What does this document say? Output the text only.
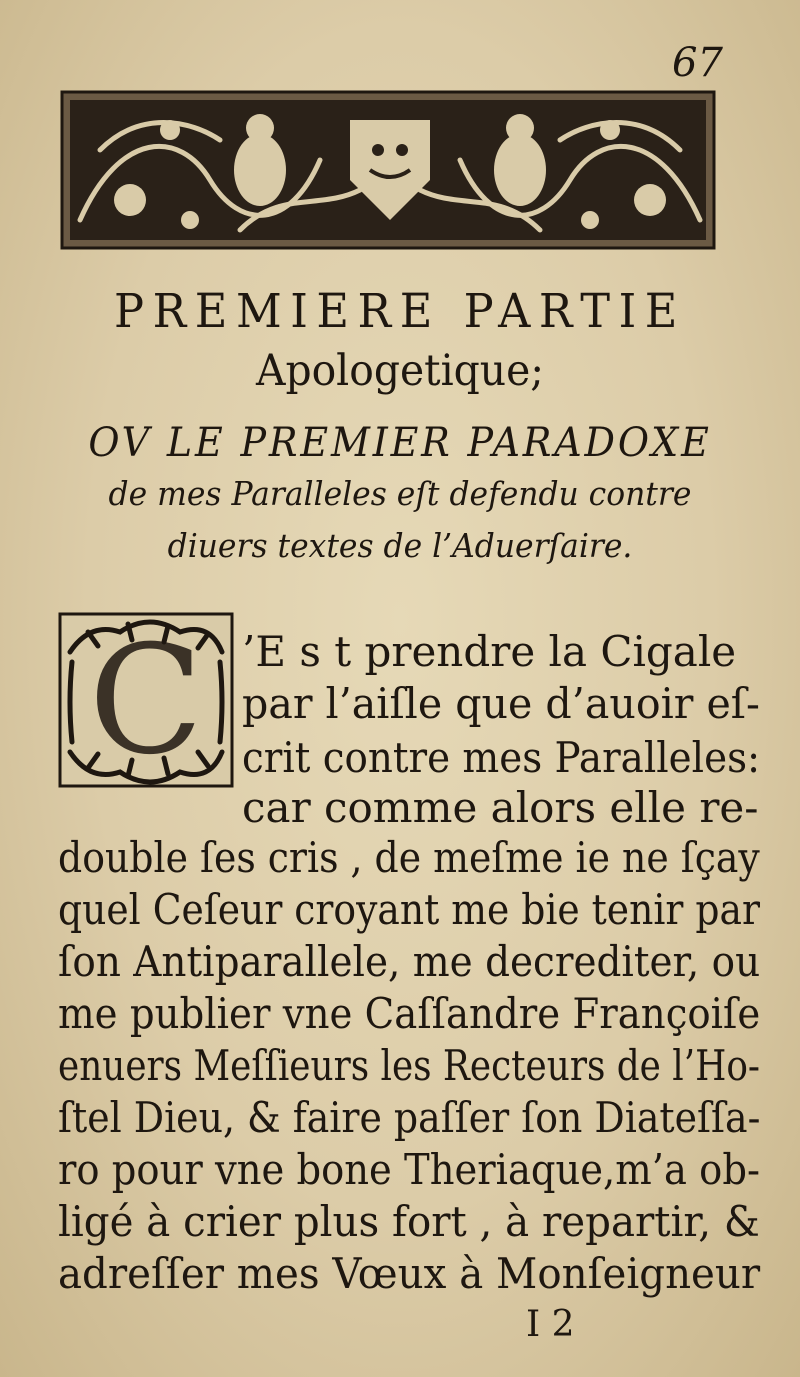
67
PREMIERE PARTIE
Apologetique;
OV LE PREMIER PARADOXE
de mes Paralleles eſt defendu contre
diuers textes de l’Aduerſaire.
C ’E s t prendre la Cigale
par l’aiſle que d’auoir eſ-
crit contre mes Paralleles:
car comme alors elle re-
double ſes cris , de meſme ie ne ſçay
quel Ceſeur croyant me bie tenir par
ſon Antiparallele, me decrediter, ou
me publier vne Caſſandre Françoiſe
enuers Meſſieurs les Recteurs de l’Ho-
ſtel Dieu, & faire paſſer ſon Diateſſa-
ro pour vne bone Theriaque,m’a ob-
ligé à crier plus fort , à repartir, &
adreſſer mes Vœux à Monſeigneur
I 2
